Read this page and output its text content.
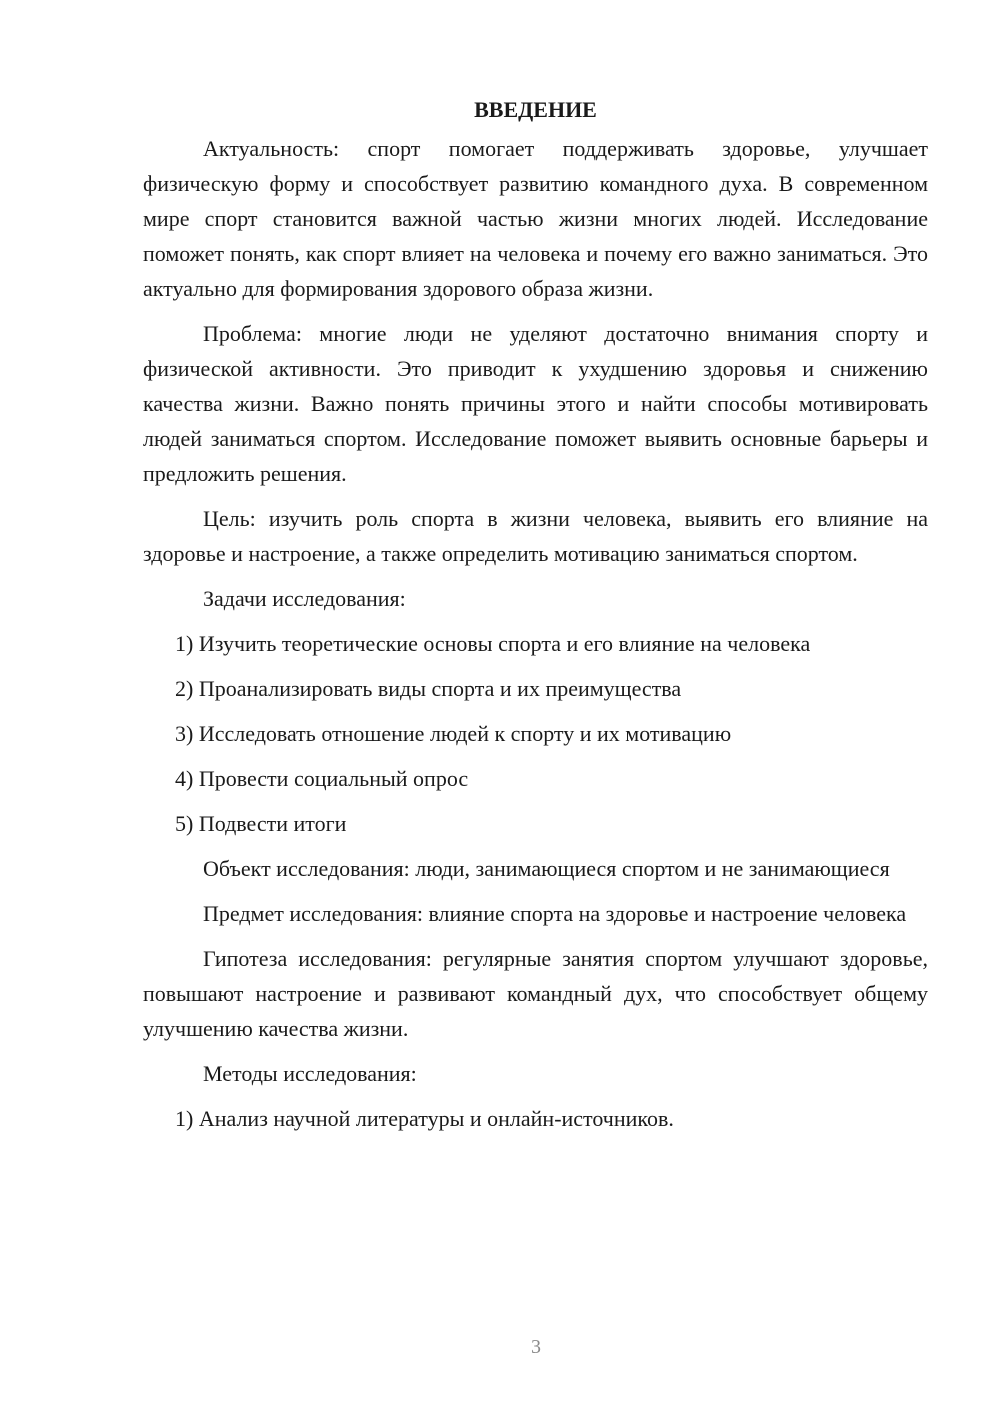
ВВЕДЕНИЕ

Актуальность: спорт помогает поддерживать здоровье, улучшает физическую форму и способствует развитию командного духа. В современном мире спорт становится важной частью жизни многих людей. Исследование поможет понять, как спорт влияет на человека и почему его важно заниматься. Это актуально для формирования здорового образа жизни.

Проблема: многие люди не уделяют достаточно внимания спорту и физической активности. Это приводит к ухудшению здоровья и снижению качества жизни. Важно понять причины этого и найти способы мотивировать людей заниматься спортом. Исследование поможет выявить основные барьеры и предложить решения.

Цель: изучить роль спорта в жизни человека, выявить его влияние на здоровье и настроение, а также определить мотивацию заниматься спортом.

Задачи исследования:

1) Изучить теоретические основы спорта и его влияние на человека

2) Проанализировать виды спорта и их преимущества

3) Исследовать отношение людей к спорту и их мотивацию

4) Провести социальный опрос

5) Подвести итоги

Объект исследования: люди, занимающиеся спортом и не занимающиеся

Предмет исследования: влияние спорта на здоровье и настроение человека

Гипотеза исследования: регулярные занятия спортом улучшают здоровье, повышают настроение и развивают командный дух, что способствует общему улучшению качества жизни.

Методы исследования:

1) Анализ научной литературы и онлайн-источников.

3
